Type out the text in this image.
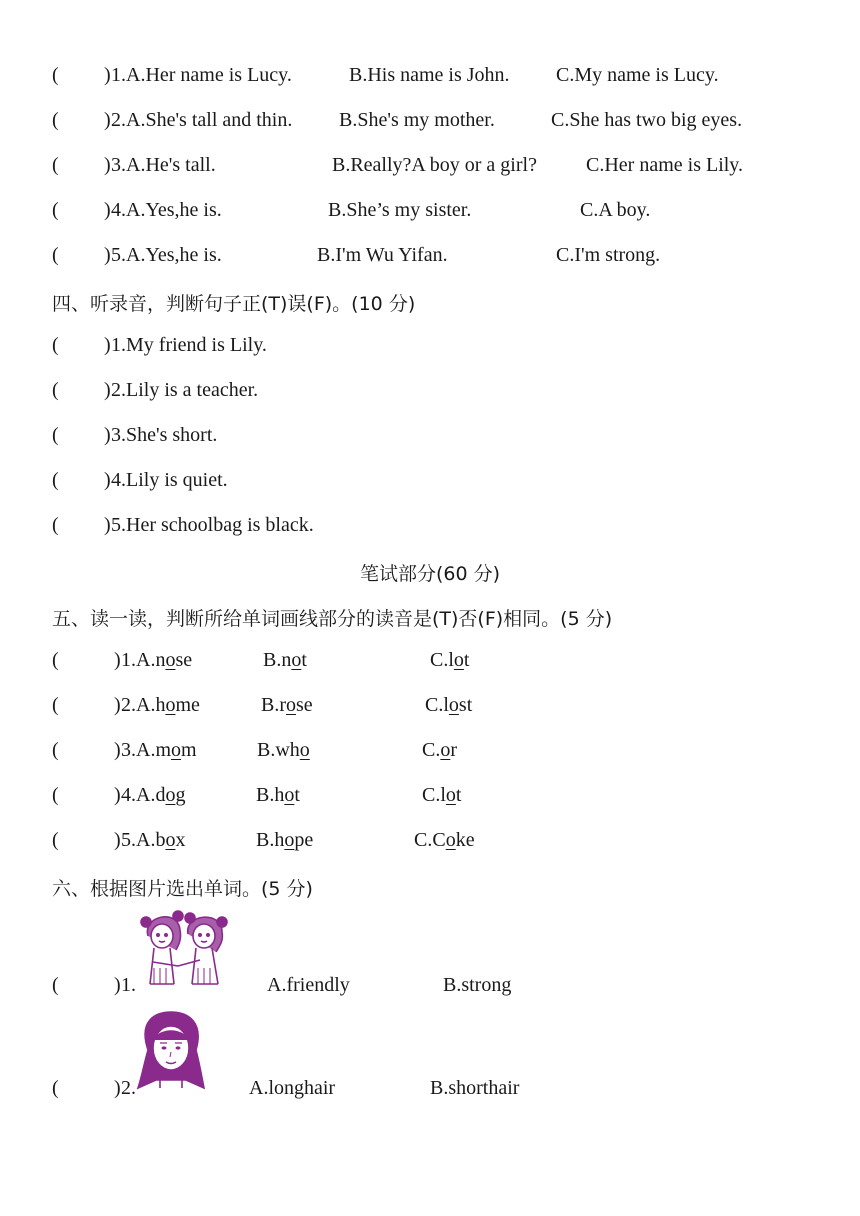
( ) 1.A.Her name is Lucy.	B.His name is John. C.My name is Lucy.
( ) 2.A.She's tall and thin. B.She's my mother.	C.She has two big eyes.
( ) 3.A.He's tall.	B.Really?A boy or a girl? C.Her name is Lily.
( ) 4.A.Yes,he is.	B.She’s my sister.	C.A boy.
( ) 5.A.Yes,he is.	B.I'm Wu Yifan.	C.I'm strong.
四、听录音，判断句子正(T)误(F)。(10 分)
( ) 1.My friend is Lily.
( ) 2.Lily is a teacher.
( ) 3.She's short.
( ) 4.Lily is quiet.
( ) 5.Her schoolbag is black.
笔试部分(60 分)
五、读一读，判断所给单词画线部分的读音是(T)否(F)相同。(5 分)
(	) 1.A.nose	B.not	C.lot
(	) 2.A.home	B.rose	C.lost
(	) 3.A.mom	B.who	C.or
(	) 4.A.dog	B.hot	C.lot
(	) 5.A.box	B.hope	C.Coke
六、根据图片选出单词。(5 分)
(	) 1.	A.friendly	B.strong
(	) 2.	A.longhair	B.shorthair
